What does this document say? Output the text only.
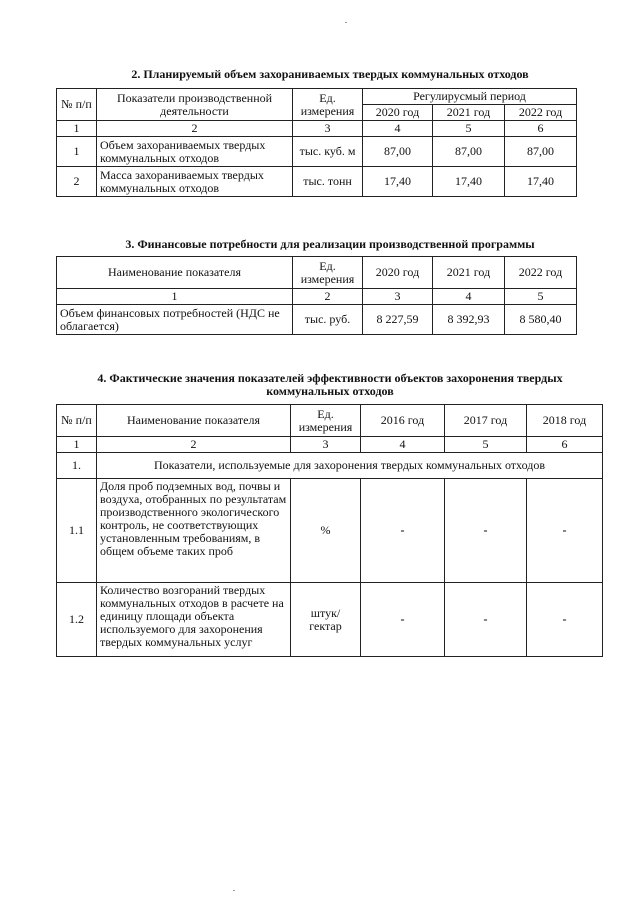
2. Планируемый объем захораниваемых твердых коммунальных отходов
№ п/п	Показатели производственной деятельности	Ед. измерения	Регулирусмый период		
			2020 год	2021 год	2022 год
1	2	3	4	5	6
1	Объем захораниваемых твердых коммунальных отходов	тыс. куб. м	87,00	87,00	87,00
2	Масса захораниваемых твердых коммунальных отходов	тыс. тонн	17,40	17,40	17,40
3. Финансовые потребности для реализации производственной программы
Наименование показателя	Ед. измерения	2020 год	2021 год	2022 год
1	2	3	4	5
Объем финансовых потребностей (НДС не облагается)	тыс. руб.	8 227,59	8 392,93	8 580,40
4. Фактические значения показателей эффективности объектов захоронения твердых коммунальных отходов
№ п/п	Наименование показателя	Ед. измерения	2016 год	2017 год	2018 год
1	2	3	4	5	6
1.	Показатели, используемые для захоронения твердых коммунальных отходов				
1.1	Доля проб подземных вод, почвы и воздуха, отобранных по результатам производственного экологического контроль, не соответствующих установленным требованиям, в общем объеме таких проб	%	-	-	-
1.2	Количество возгораний твердых коммунальных отходов в расчете на единицу площади объекта используемого для захоронения твердых коммунальных услуг	штук/ гектар	-	-	-
